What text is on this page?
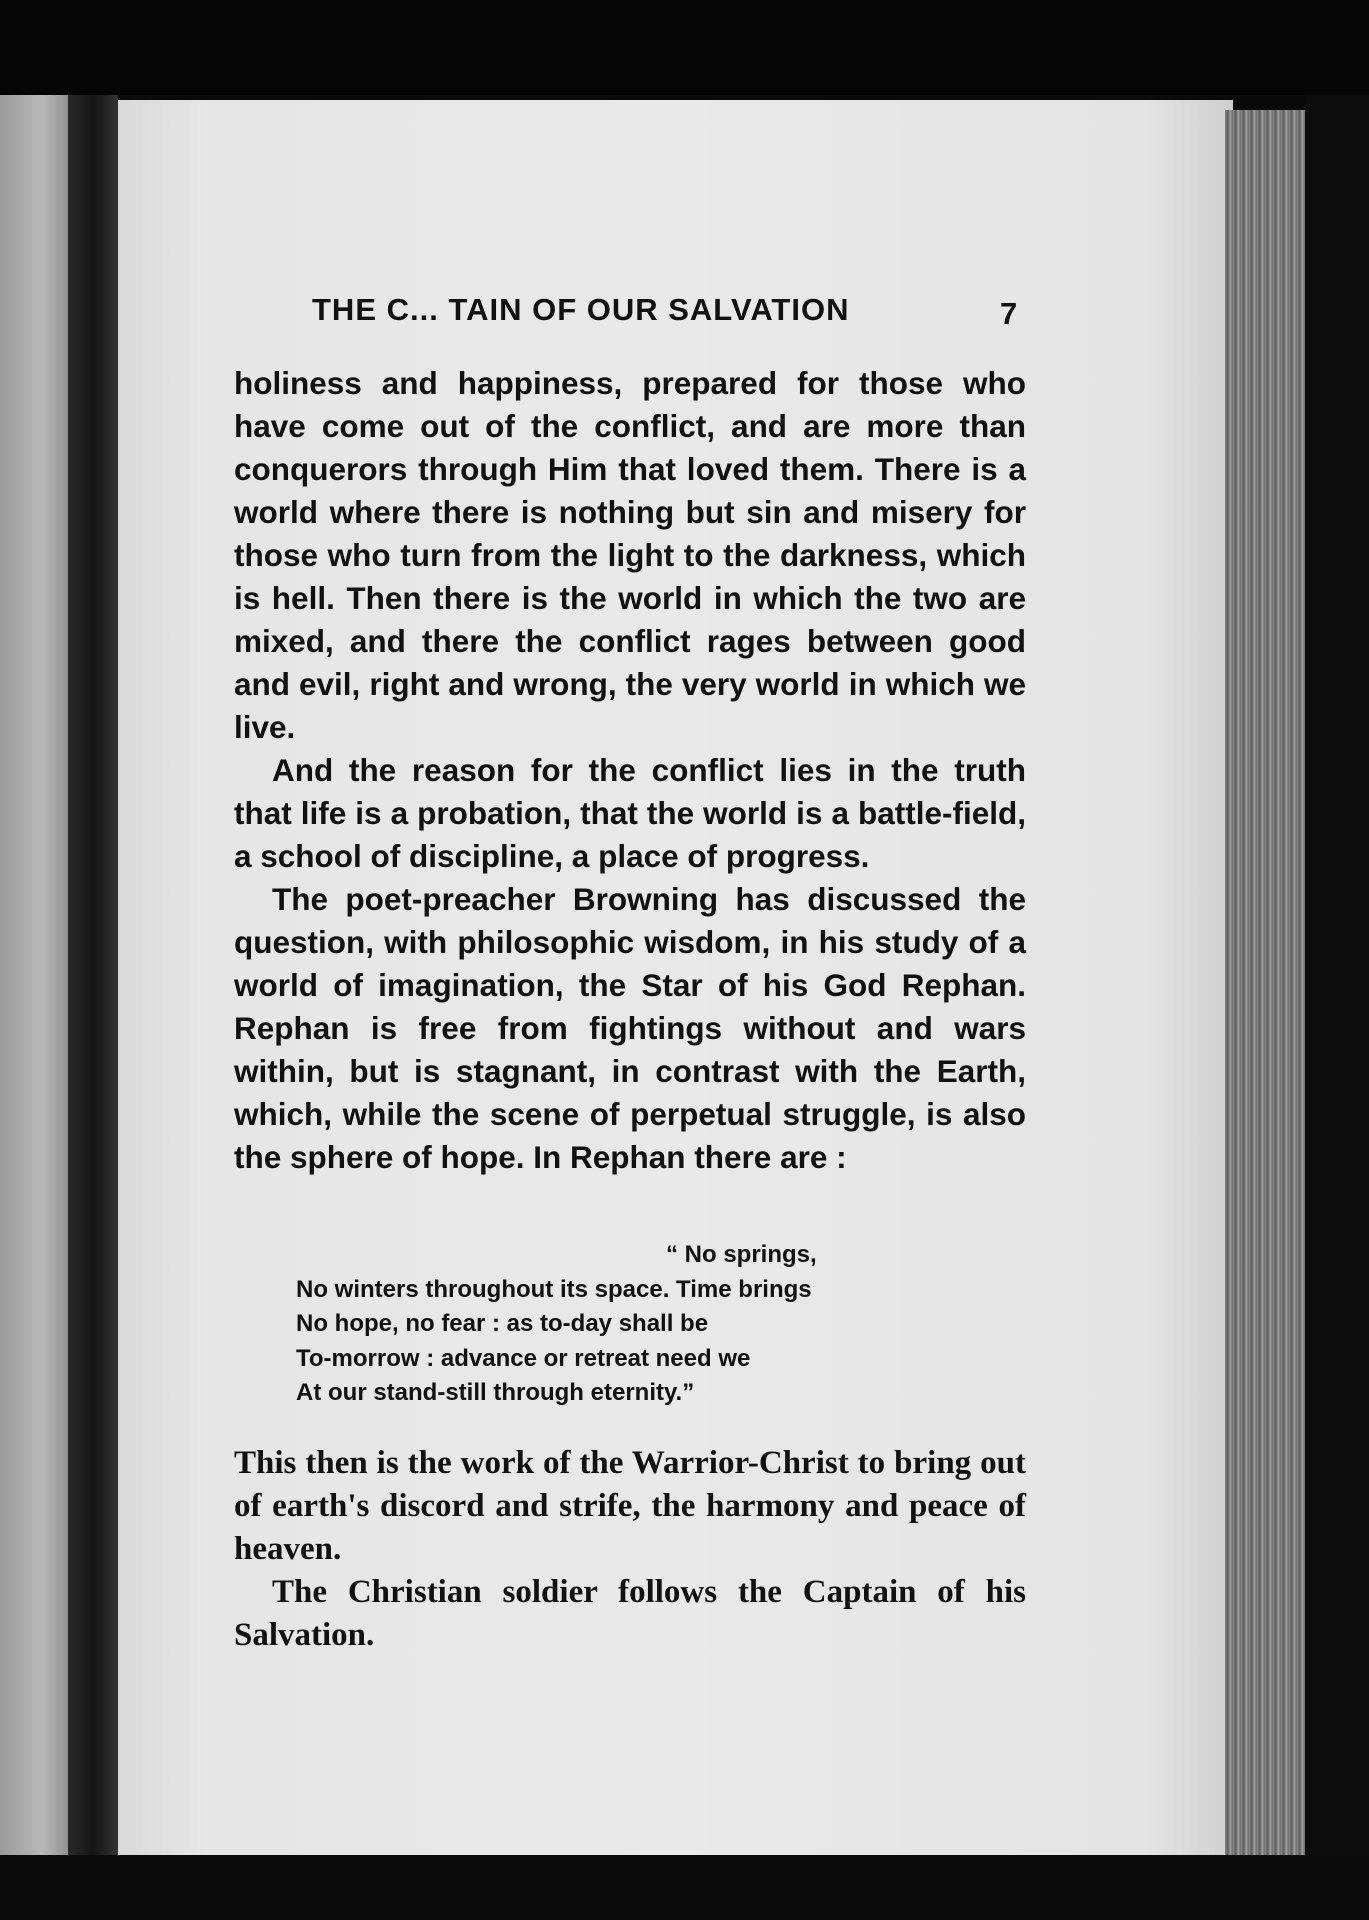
THE C... TAIN OF OUR SALVATION	7

holiness and happiness, prepared for those who have come out of the conflict, and are more than conquerors through Him that loved them. There is a world where there is nothing but sin and misery for those who turn from the light to the darkness, which is hell. Then there is the world in which the two are mixed, and there the conflict rages between good and evil, right and wrong, the very world in which we live.

And the reason for the conflict lies in the truth that life is a probation, that the world is a battle-field, a school of discipline, a place of progress.

The poet-preacher Browning has discussed the question, with philosophic wisdom, in his study of a world of imagination, the Star of his God Rephan. Rephan is free from fightings without and wars within, but is stagnant, in contrast with the Earth, which, while the scene of perpetual struggle, is also the sphere of hope. In Rephan there are :

“ No springs,
No winters throughout its space. Time brings
No hope, no fear : as to-day shall be
To-morrow : advance or retreat need we
At our stand-still through eternity.”

This then is the work of the Warrior-Christ to bring out of earth's discord and strife, the harmony and peace of heaven.

The Christian soldier follows the Captain of his Salvation.
